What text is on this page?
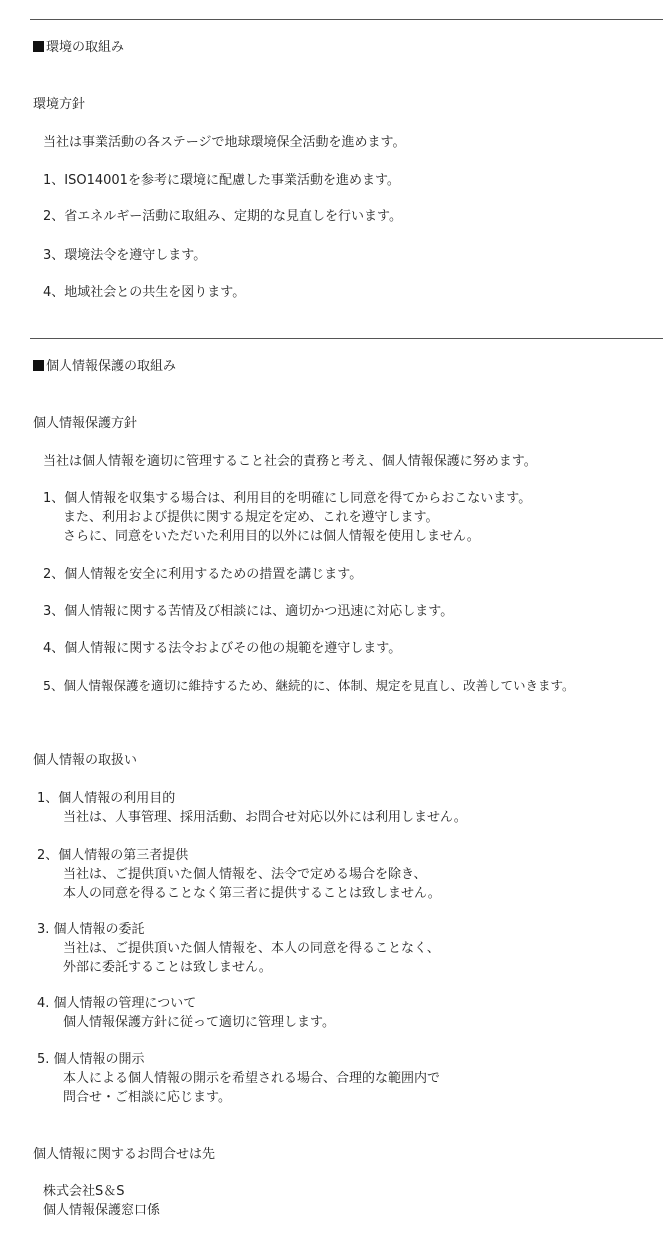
環境の取組み
環境方針
当社は事業活動の各ステージで地球環境保全活動を進めます。
1、ISO14001を参考に環境に配慮した事業活動を進めます。
2、省エネルギー活動に取組み、定期的な見直しを行います。
3、環境法令を遵守します。
4、地域社会との共生を図ります。
個人情報保護の取組み
個人情報保護方針
当社は個人情報を適切に管理すること社会的責務と考え、個人情報保護に努めます。
1、個人情報を収集する場合は、利用目的を明確にし同意を得てからおこないます。
また、利用および提供に関する規定を定め、これを遵守します。
さらに、同意をいただいた利用目的以外には個人情報を使用しません。
2、個人情報を安全に利用するための措置を講じます。
3、個人情報に関する苦情及び相談には、適切かつ迅速に対応します。
4、個人情報に関する法令およびその他の規範を遵守します。
5、個人情報保護を適切に維持するため、継続的に、体制、規定を見直し、改善していきます。
個人情報の取扱い
1、個人情報の利用目的
当社は、人事管理、採用活動、お問合せ対応以外には利用しません。
2、個人情報の第三者提供
当社は、ご提供頂いた個人情報を、法令で定める場合を除き、
本人の同意を得ることなく第三者に提供することは致しません。
3. 個人情報の委託
当社は、ご提供頂いた個人情報を、本人の同意を得ることなく、
外部に委託することは致しません。
4. 個人情報の管理について
個人情報保護方針に従って適切に管理します。
5. 個人情報の開示
本人による個人情報の開示を希望される場合、合理的な範囲内で
問合せ・ご相談に応じます。
個人情報に関するお問合せは先
株式会社S＆S
個人情報保護窓口係
